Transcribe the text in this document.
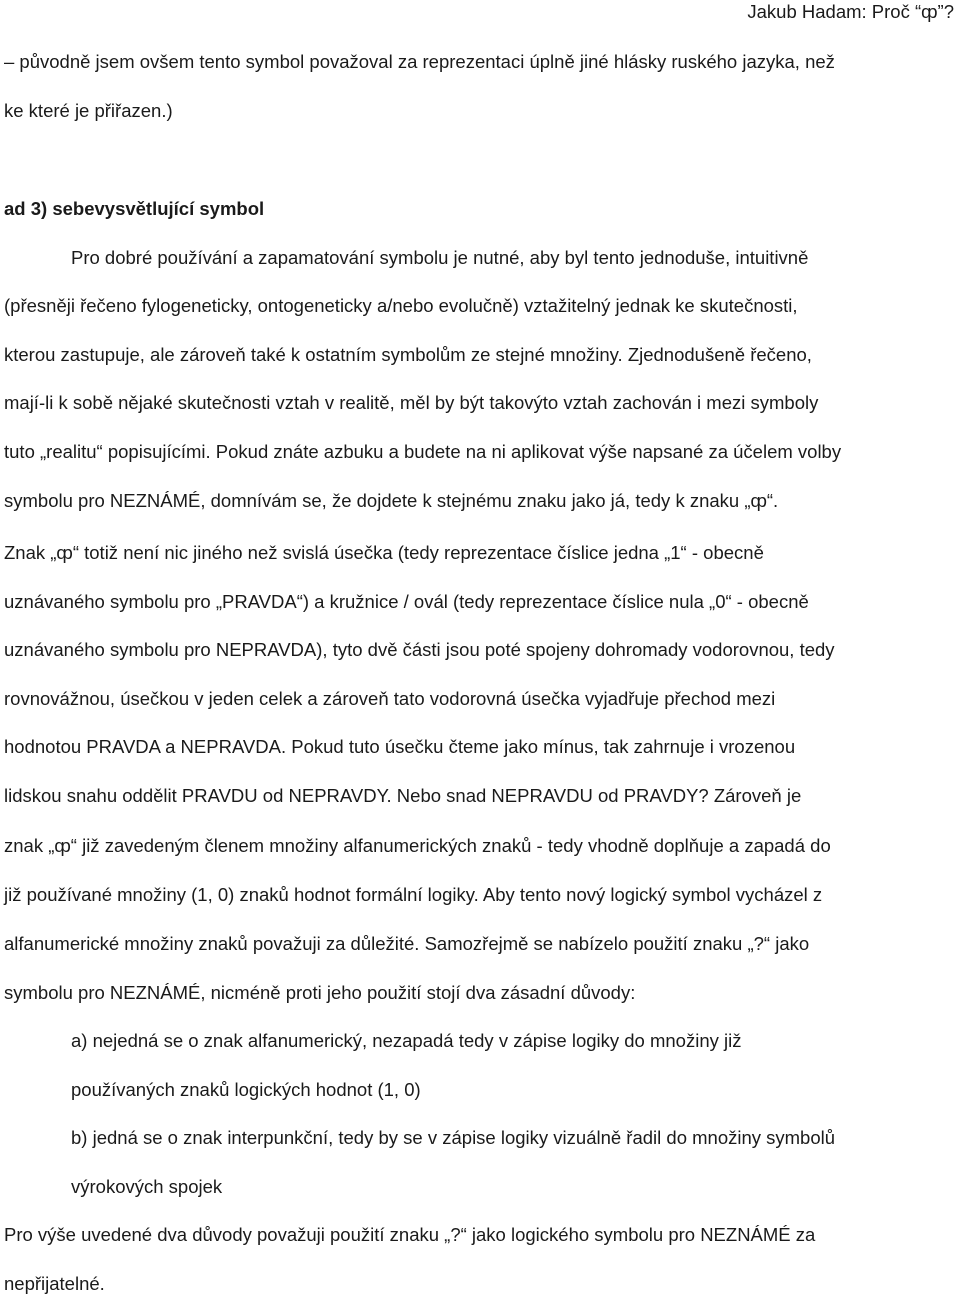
Jakub Hadam: Proč “ȹ”?
– původně jsem ovšem tento symbol považoval za reprezentaci úplně jiné hlásky ruského jazyka, než
ke které je přiřazen.)
ad 3) sebevysvětlující symbol
Pro dobré používání a zapamatování symbolu je nutné, aby byl tento jednoduše, intuitivně
(přesněji řečeno fylogeneticky, ontogeneticky a/nebo evolučně) vztažitelný jednak ke skutečnosti,
kterou zastupuje, ale zároveň také k ostatním symbolům ze stejné množiny. Zjednodušeně řečeno,
mají-li k sobě nějaké skutečnosti vztah v realitě, měl by být takovýto vztah zachován i mezi symboly
tuto „realitu“ popisujícími. Pokud znáte azbuku a budete na ni aplikovat výše napsané za účelem volby
symbolu pro NEZNÁMÉ, domnívám se, že dojdete k stejnému znaku jako já, tedy k znaku „ȹ“.
Znak „ȹ“ totiž není nic jiného než svislá úsečka (tedy reprezentace číslice jedna „1“ - obecně
uznávaného symbolu pro „PRAVDA“) a kružnice / ovál (tedy reprezentace číslice nula „0“ - obecně
uznávaného symbolu pro NEPRAVDA), tyto dvě části jsou poté spojeny dohromady vodorovnou, tedy
rovnovážnou, úsečkou v jeden celek a zároveň tato vodorovná úsečka vyjadřuje přechod mezi
hodnotou PRAVDA a NEPRAVDA. Pokud tuto úsečku čteme jako mínus, tak zahrnuje i vrozenou
lidskou snahu oddělit PRAVDU od NEPRAVDY. Nebo snad NEPRAVDU od PRAVDY? Zároveň je
znak „ȹ“ již zavedeným členem množiny alfanumerických znaků - tedy vhodně doplňuje a zapadá do
již používané množiny (1, 0) znaků hodnot formální logiky. Aby tento nový logický symbol vycházel z
alfanumerické množiny znaků považuji za důležité. Samozřejmě se nabízelo použití znaku „?“ jako
symbolu pro NEZNÁMÉ, nicméně proti jeho použití stojí dva zásadní důvody:
a) nejedná se o znak alfanumerický, nezapadá tedy v zápise logiky do množiny již
používaných znaků logických hodnot (1, 0)
b) jedná se o znak interpunkční, tedy by se v zápise logiky vizuálně řadil do množiny symbolů
výrokových spojek
Pro výše uvedené dva důvody považuji použití znaku „?“ jako logického symbolu pro NEZNÁMÉ za
nepřijatelné.
